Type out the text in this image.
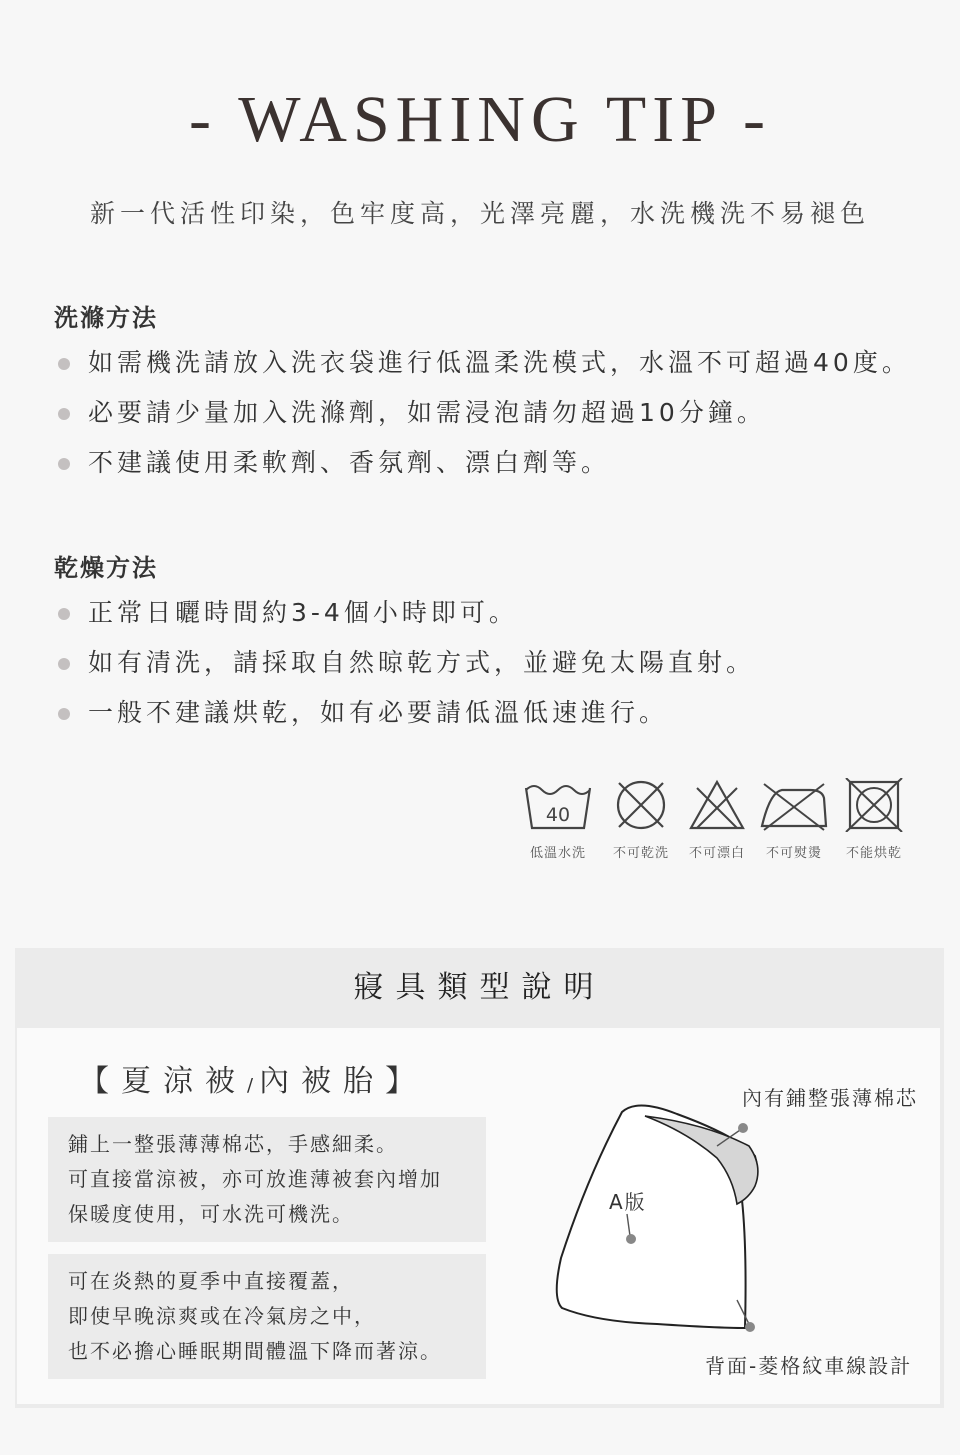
- WASHING TIP -
新一代活性印染，色牢度高，光澤亮麗，水洗機洗不易褪色
洗滌方法
如需機洗請放入洗衣袋進行低溫柔洗模式，水溫不可超過40度。
必要請少量加入洗滌劑，如需浸泡請勿超過10分鐘。
不建議使用柔軟劑、香氛劑、漂白劑等。
乾燥方法
正常日曬時間約3-4個小時即可。
如有清洗，請採取自然晾乾方式，並避免太陽直射。
一般不建議烘乾，如有必要請低溫低速進行。
40
低溫水洗	不可乾洗	不可漂白	不可熨燙	不能烘乾
寢具類型說明
【夏涼被/內被胎】

鋪上一整張薄薄棉芯，手感細柔。

可直接當涼被，亦可放進薄被套內增加

保暖度使用，可水洗可機洗。

可在炎熱的夏季中直接覆蓋，

即使早晚涼爽或在冷氣房之中，

也不必擔心睡眠期間體溫下降而著涼。

內有鋪整張薄棉芯
A版
背面-菱格紋車線設計
